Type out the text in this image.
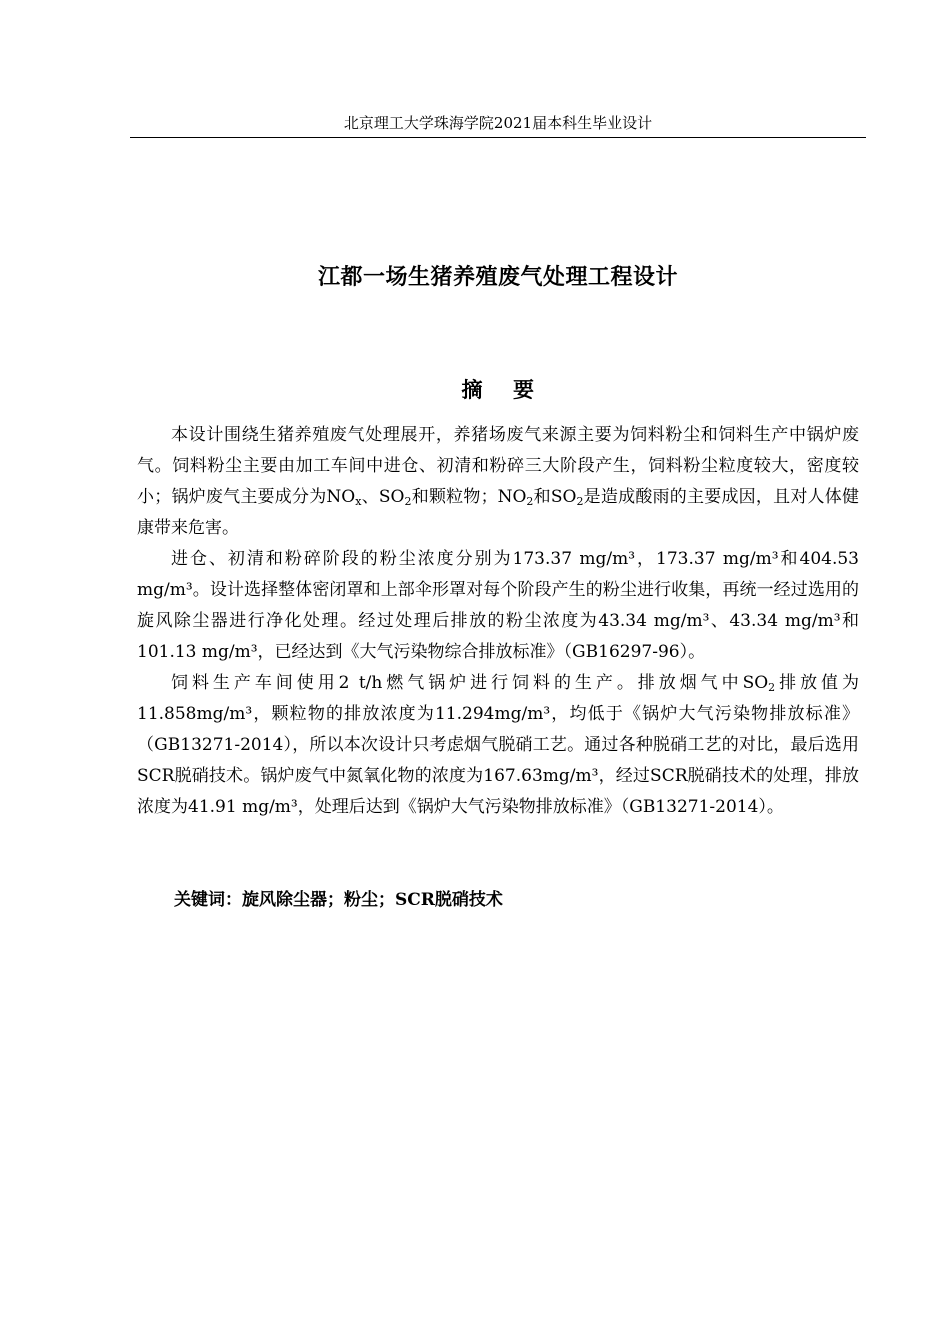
北京理工大学珠海学院2021届本科生毕业设计
江都一场生猪养殖废气处理工程设计
摘 要

本设计围绕生猪养殖废气处理展开，养猪场废气来源主要为饲料粉尘和饲料生产中锅炉废气。饲料粉尘主要由加工车间中进仓、初清和粉碎三大阶段产生，饲料粉尘粒度较大，密度较小；锅炉废气主要成分为$NO_x$、$SO_2$和颗粒物；$NO_2$和$SO_2$是造成酸雨的主要成因，且对人体健康带来危害。

进仓、初清和粉碎阶段的粉尘浓度分别为173.37 mg/m³，173.37 mg/m³和404.53 mg/m³。设计选择整体密闭罩和上部伞形罩对每个阶段产生的粉尘进行收集，再统一经过选用的旋风除尘器进行净化处理。经过处理后排放的粉尘浓度为43.34 mg/m³、43.34 mg/m³和101.13 mg/m³，已经达到《大气污染物综合排放标准》（GB16297-96）。

饲料生产车间使用2 t/h燃气锅炉进行饲料的生产。排放烟气中$SO_2$排放值为11.858mg/m³，颗粒物的排放浓度为11.294mg/m³，均低于《锅炉大气污染物排放标准》（GB13271-2014），所以本次设计只考虑烟气脱硝工艺。通过各种脱硝工艺的对比，最后选用SCR脱硝技术。锅炉废气中氮氧化物的浓度为167.63mg/m³，经过SCR脱硝技术的处理，排放浓度为41.91 mg/m³，处理后达到《锅炉大气污染物排放标准》（GB13271-2014）。

关键词：旋风除尘器；粉尘；SCR脱硝技术
